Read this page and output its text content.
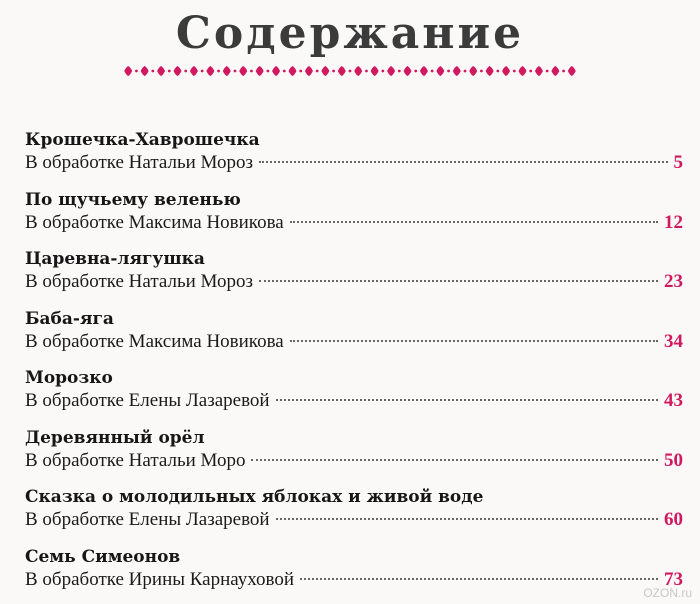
Содержание
Крошечка-Хаврошечка
В обработке Натальи Мороз	5
По щучьему веленью
В обработке Максима Новикова	12
Царевна-лягушка
В обработке Натальи Мороз	23
Баба-яга
В обработке Максима Новикова	34
Морозко
В обработке Елены Лазаревой	43
Деревянный орёл
В обработке Натальи Моро	50
Сказка о молодильных яблоках и живой воде
В обработке Елены Лазаревой	60
Семь Симеонов
В обработке Ирины Карнауховой	73
OZON.ru
